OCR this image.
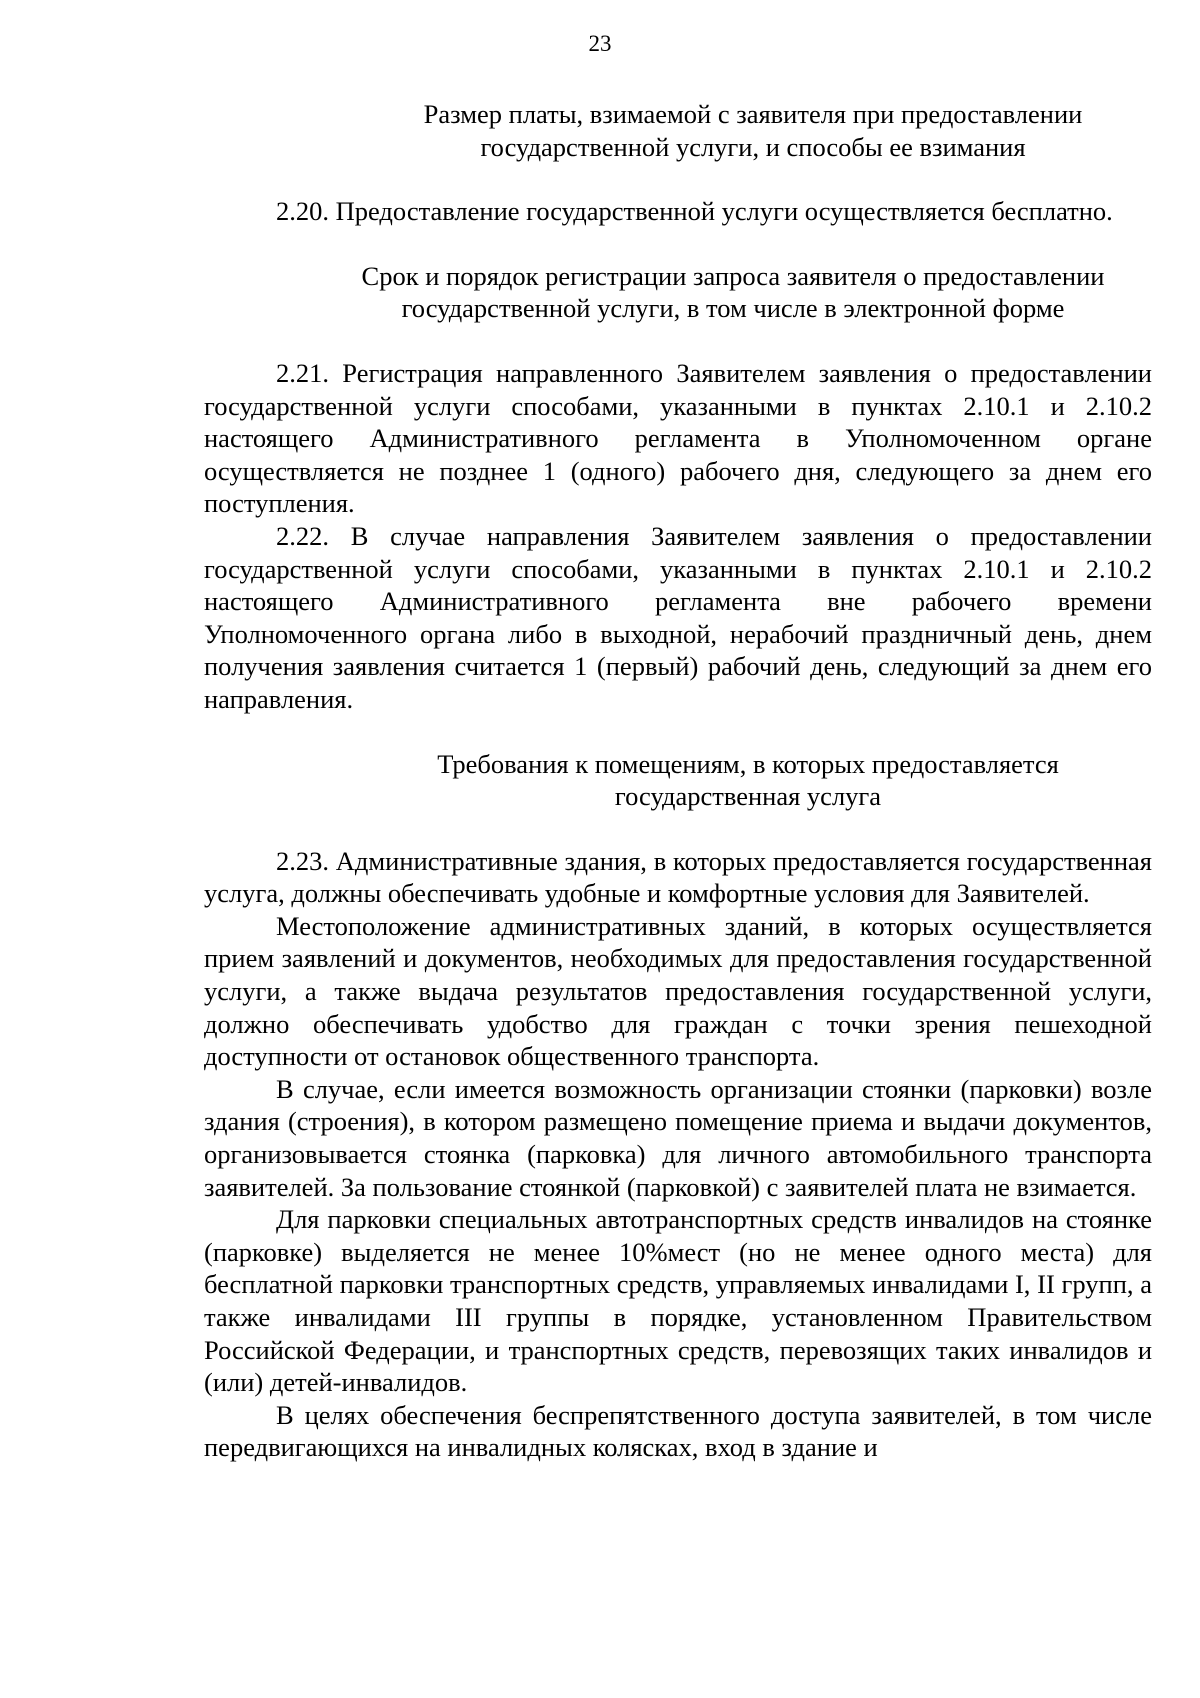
23
Размер платы, взимаемой с заявителя при предоставлении
государственной услуги, и способы ее взимания

2.20. Предоставление государственной услуги осуществляется бесплатно.

Срок и порядок регистрации запроса заявителя о предоставлении
государственной услуги, в том числе в электронной форме

2.21. Регистрация направленного Заявителем заявления о предоставлении государственной услуги способами, указанными в пунктах 2.10.1 и 2.10.2 настоящего Административного регламента в Уполномоченном органе осуществляется не позднее 1 (одного) рабочего дня, следующего за днем его поступления.

2.22. В случае направления Заявителем заявления о предоставлении государственной услуги способами, указанными в пунктах 2.10.1 и 2.10.2 настоящего Административного регламента вне рабочего времени Уполномоченного органа либо в выходной, нерабочий праздничный день, днем получения заявления считается 1 (первый) рабочий день, следующий за днем его направления.

Требования к помещениям, в которых предоставляется
государственная услуга

2.23. Административные здания, в которых предоставляется государственная услуга, должны обеспечивать удобные и комфортные условия для Заявителей.

Местоположение административных зданий, в которых осуществляется прием заявлений и документов, необходимых для предоставления государственной услуги, а также выдача результатов предоставления государственной услуги, должно обеспечивать удобство для граждан с точки зрения пешеходной доступности от остановок общественного транспорта.

В случае, если имеется возможность организации стоянки (парковки) возле здания (строения), в котором размещено помещение приема и выдачи документов, организовывается стоянка (парковка) для личного автомобильного транспорта заявителей. За пользование стоянкой (парковкой) с заявителей плата не взимается.

Для парковки специальных автотранспортных средств инвалидов на стоянке (парковке) выделяется не менее 10%мест (но не менее одного места) для бесплатной парковки транспортных средств, управляемых инвалидами I, II групп, а также инвалидами III группы в порядке, установленном Правительством Российской Федерации, и транспортных средств, перевозящих таких инвалидов и (или) детей-инвалидов.

В целях обеспечения беспрепятственного доступа заявителей, в том числе передвигающихся на инвалидных колясках, вход в здание и
